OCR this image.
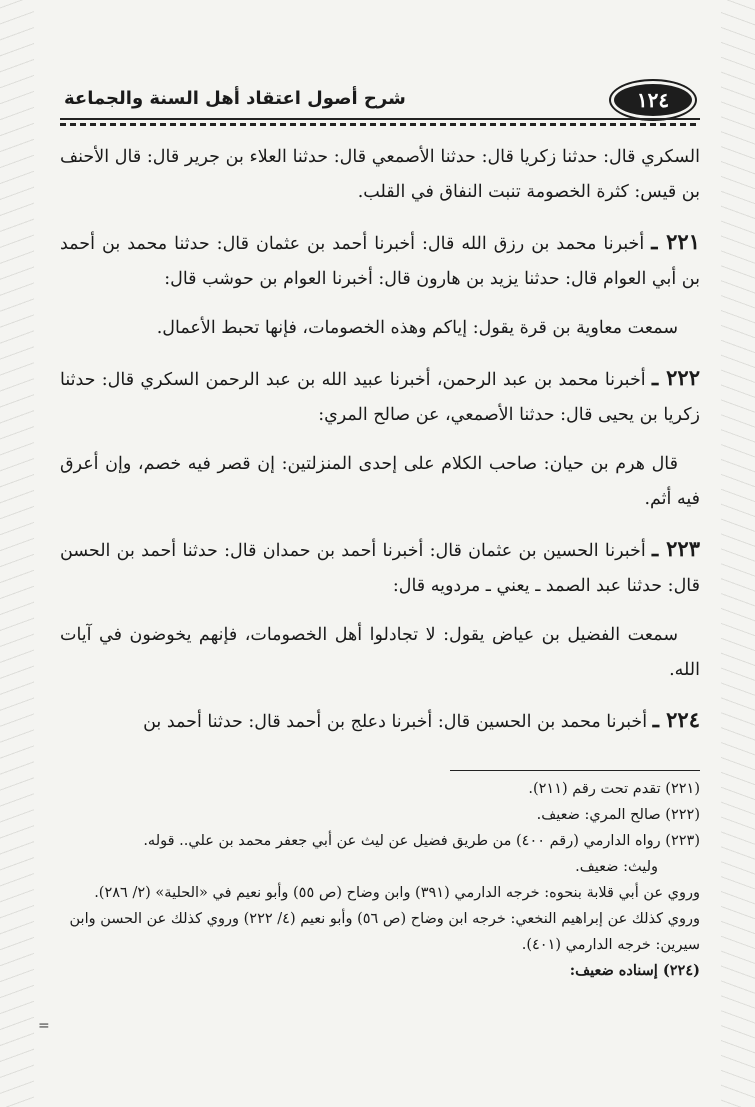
١٢٤
شرح أصول اعتقاد أهل السنة والجماعة

السكري قال: حدثنا زكريا قال: حدثنا الأصمعي قال: حدثنا العلاء بن جرير قال: قال الأحنف بن قيس: كثرة الخصومة تنبت النفاق في القلب.

٢٢١ ـ أخبرنا محمد بن رزق الله قال: أخبرنا أحمد بن عثمان قال: حدثنا محمد بن أحمد بن أبي العوام قال: حدثنا يزيد بن هارون قال: أخبرنا العوام بن حوشب قال:

سمعت معاوية بن قرة يقول: إياكم وهذه الخصومات، فإنها تحبط الأعمال.

٢٢٢ ـ أخبرنا محمد بن عبد الرحمن، أخبرنا عبيد الله بن عبد الرحمن السكري قال: حدثنا زكريا بن يحيى قال: حدثنا الأصمعي، عن صالح المري:

قال هرم بن حيان: صاحب الكلام على إحدى المنزلتين: إن قصر فيه خصم، وإن أعرق فيه أثم.

٢٢٣ ـ أخبرنا الحسين بن عثمان قال: أخبرنا أحمد بن حمدان قال: حدثنا أحمد بن الحسن قال: حدثنا عبد الصمد ـ يعني ـ مردويه قال:

سمعت الفضيل بن عياض يقول: لا تجادلوا أهل الخصومات، فإنهم يخوضون في آيات الله.

٢٢٤ ـ أخبرنا محمد بن الحسين قال: أخبرنا دعلج بن أحمد قال: حدثنا أحمد بن

(٢٢١) تقدم تحت رقم (٢١١).

(٢٢٢) صالح المري: ضعيف.

(٢٢٣) رواه الدارمي (رقم ٤٠٠) من طريق فضيل عن ليث عن أبي جعفر محمد بن علي.. قوله.

وليث: ضعيف.

وروي عن أبي قلابة بنحوه: خرجه الدارمي (٣٩١) وابن وضاح (ص ٥٥) وأبو نعيم في «الحلية» (٢/ ٢٨٦).

وروي كذلك عن إبراهيم النخعي: خرجه ابن وضاح (ص ٥٦) وأبو نعيم (٤/ ٢٢٢) وروي كذلك عن الحسن وابن سيرين: خرجه الدارمي (٤٠١).

(٢٢٤) إسناده ضعيف:

=
